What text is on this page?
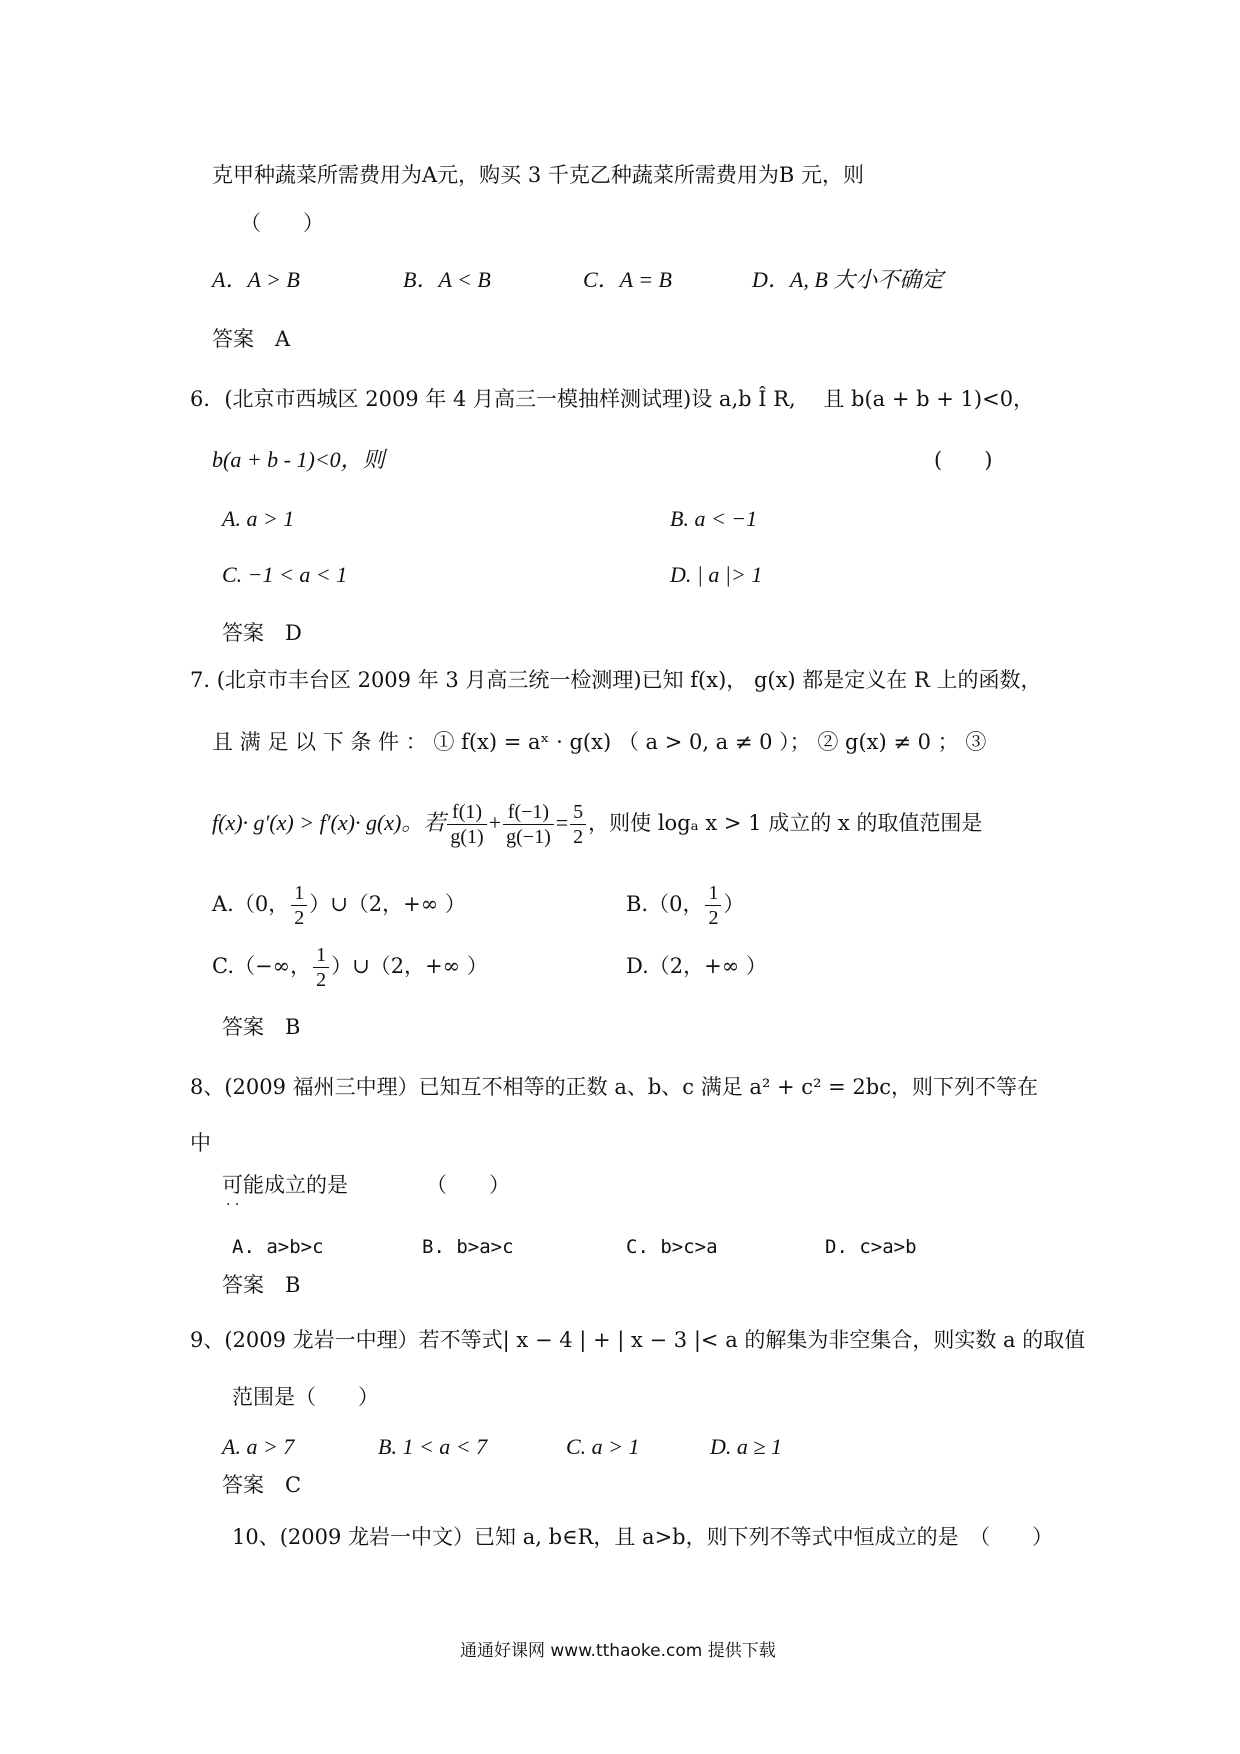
克甲种蔬菜所需费用为A元，购买 3 千克乙种蔬菜所需费用为B 元，则
（　　）
A．A > B	B．A < B	C．A = B	D．A, B 大小不确定
答案　A
6．(北京市西城区 2009 年 4 月高三一模抽样测试理)设 a,b Î R,　 且 b(a + b + 1)<0，
b(a + b - 1)<0，则	(　　)
A. a > 1	B. a < −1
C. −1 < a < 1	D. | a |> 1
答案　D
7. (北京市丰台区 2009 年 3 月高三统一检测理)已知 f(x)， g(x) 都是定义在 R 上的函数，
且 满 足 以 下 条 件 ： ① f(x) = aˣ · g(x) （ a > 0, a ≠ 0 ）； ② g(x) ≠ 0 ； ③
f(x)· g′(x) > f′(x)· g(x)。若 $\frac{f(1)}{g(1)} + \frac{f(-1)}{g(-1)} = \frac{5}{2}$ ，则使 logₐ x > 1 成立的 x 的取值范围是
A.（0， $\frac{1}{2}$ ）∪（2，+∞ ）	B.（0， $\frac{1}{2}$ ）
C.（−∞， $\frac{1}{2}$ ）∪（2，+∞ ）	D.（2，+∞ ）
答案　B
8、(2009 福州三中理）已知互不相等的正数 a、b、c 满足 a² + c² = 2bc，则下列不等在
中
可能成立的是
· ·
（　　）
A. a>b>c	B. b>a>c	C. b>c>a	D. c>a>b
答案　B
9、(2009 龙岩一中理）若不等式| x − 4 | + | x − 3 |< a 的解集为非空集合，则实数 a 的取值
范围是（　　）
A. a > 7	B. 1 < a < 7	C. a > 1	D. a ≥ 1
答案　C
10、(2009 龙岩一中文）已知 a, b∈R，且 a>b，则下列不等式中恒成立的是　（　　）
通通好课网 www.tthaoke.com 提供下载
